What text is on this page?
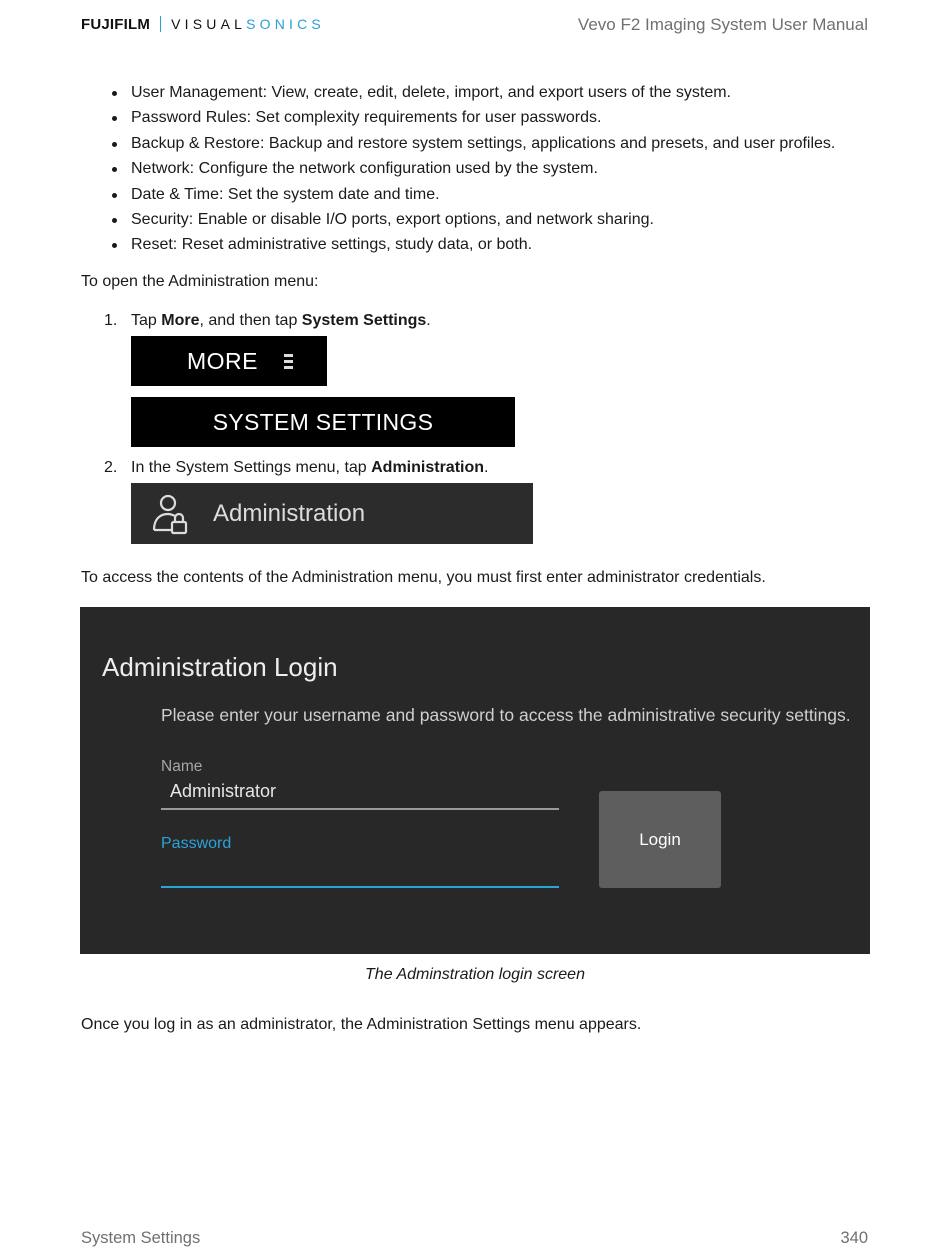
FUJIFILM VISUAL SONICS	Vevo F2 Imaging System User Manual
User Management: View, create, edit, delete, import, and export users of the system.
Password Rules: Set complexity requirements for user passwords.
Backup & Restore: Backup and restore system settings, applications and presets, and user profiles.
Network: Configure the network configuration used by the system.
Date & Time: Set the system date and time.
Security: Enable or disable I/O ports, export options, and network sharing.
Reset: Reset administrative settings, study data, or both.
To open the Administration menu:
1. Tap More, and then tap System Settings.
MORE
SYSTEM SETTINGS
2. In the System Settings menu, tap Administration.
Administration
To access the contents of the Administration menu, you must first enter administrator credentials.
Administration Login
Please enter your username and password to access the administrative security settings.
Name
Administrator
Password	Login
The Adminstration login screen
Once you log in as an administrator, the Administration Settings menu appears.
System Settings	340
